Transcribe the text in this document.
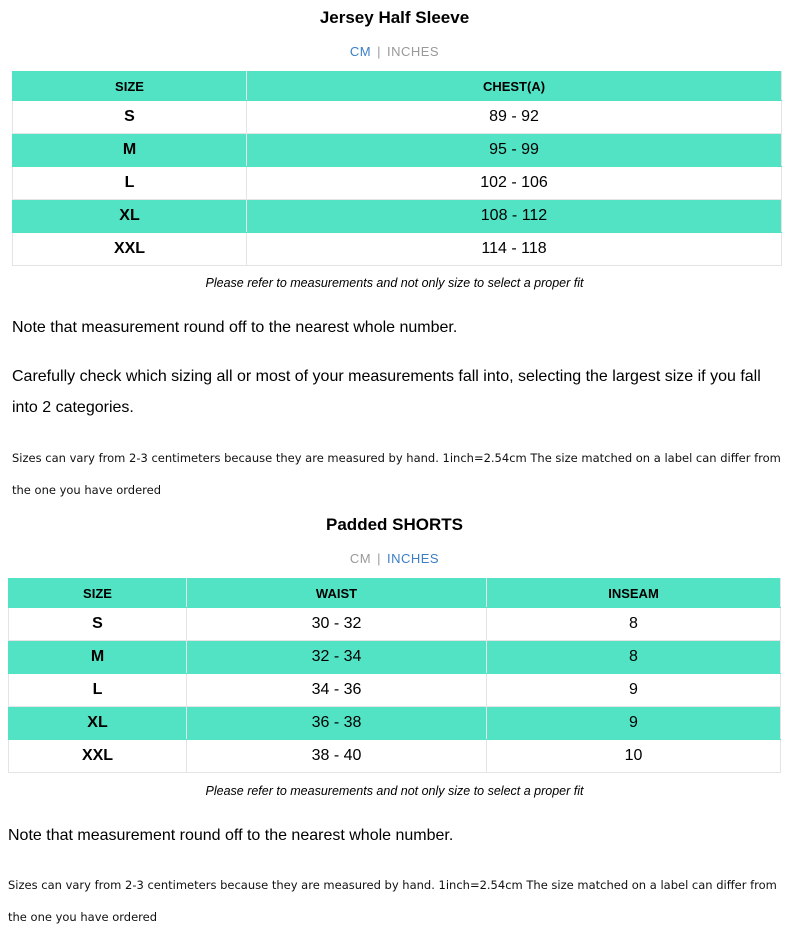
Jersey Half Sleeve
CM | INCHES
SIZE	CHEST(A)
S	89 - 92
M	95 - 99
L	102 - 106
XL	108 - 112
XXL	114 - 118
Please refer to measurements and not only size to select a proper fit

Note that measurement round off to the nearest whole number.

Carefully check which sizing all or most of your measurements fall into, selecting the largest size if you fall into 2 categories.

Sizes can vary from 2-3 centimeters because they are measured by hand. 1inch=2.54cm The size matched on a label can differ from the one you have ordered

Padded SHORTS
CM | INCHES
SIZE	WAIST	INSEAM
S	30 - 32	8
M	32 - 34	8
L	34 - 36	9
XL	36 - 38	9
XXL	38 - 40	10
Please refer to measurements and not only size to select a proper fit

Note that measurement round off to the nearest whole number.

Sizes can vary from 2-3 centimeters because they are measured by hand. 1inch=2.54cm The size matched on a label can differ from the one you have ordered
